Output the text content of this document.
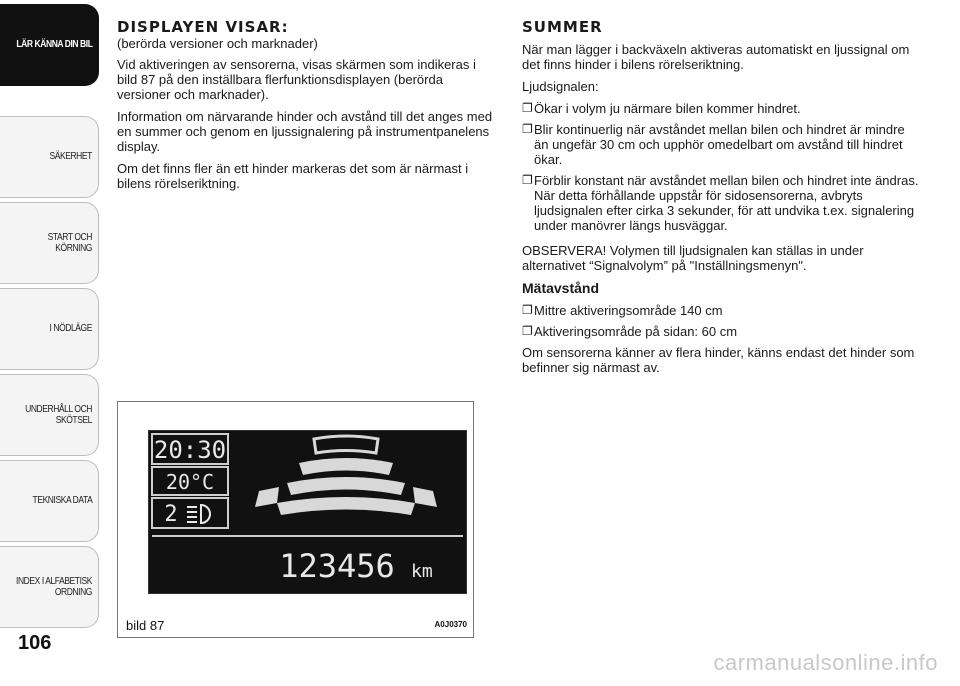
LÄR KÄNNA DIN BIL
SÄKERHET
START OCH KÖRNING
I NÖDLÄGE
UNDERHÅLL OCH SKÖTSEL
TEKNISKA DATA
INDEX I ALFABETISK ORDNING
106
DISPLAYEN VISAR:
(berörda versioner och marknader)

Vid aktiveringen av sensorerna, visas skärmen som indikeras i bild 87 på den inställbara flerfunktionsdisplayen (berörda versioner och marknader).

Information om närvarande hinder och avstånd till det anges med en summer och genom en ljussignalering på instrumentpanelens display.

Om det finns fler än ett hinder markeras det som är närmast i bilens rörelseriktning.

20:30
20°C
2
123456 km
bild 87	A0J0370
SUMMER

När man lägger i backväxeln aktiveras automatiskt en ljussignal om det finns hinder i bilens rörelseriktning.

Ljudsignalen:

❐ Ökar i volym ju närmare bilen kommer hindret.
❐ Blir kontinuerlig när avståndet mellan bilen och hindret är mindre än ungefär 30 cm och upphör omedelbart om avstånd till hindret ökar.
❐ Förblir konstant när avståndet mellan bilen och hindret inte ändras. När detta förhållande uppstår för sidosensorerna, avbryts ljudsignalen efter cirka 3 sekunder, för att undvika t.ex. signalering under manövrer längs husväggar.

OBSERVERA! Volymen till ljudsignalen kan ställas in under alternativet “Signalvolym” på "Inställningsmenyn".

Mätavstånd
❐ Mittre aktiveringsområde 140 cm
❐ Aktiveringsområde på sidan: 60 cm

Om sensorerna känner av flera hinder, känns endast det hinder som befinner sig närmast av.

carmanualsonline.info
